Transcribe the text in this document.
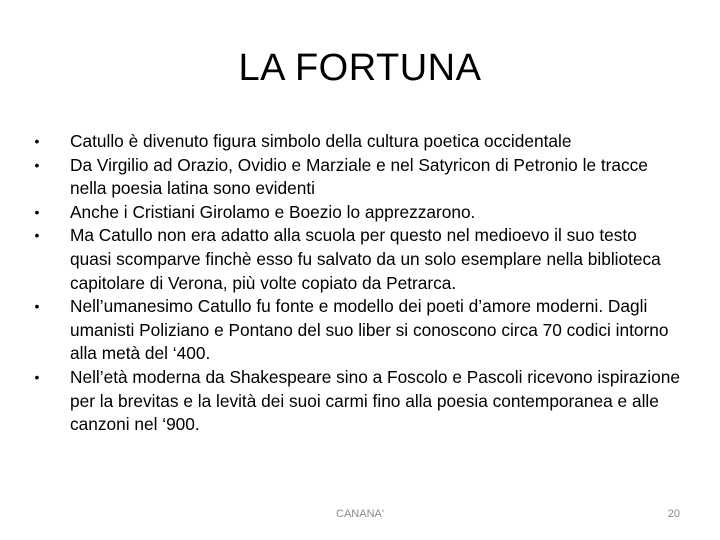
LA FORTUNA
• Catullo è divenuto figura simbolo della cultura poetica occidentale
• Da Virgilio ad Orazio, Ovidio e Marziale e nel Satyricon di Petronio le tracce nella poesia latina sono evidenti
• Anche i Cristiani Girolamo e Boezio lo apprezzarono.
• Ma Catullo non era adatto alla scuola per questo nel medioevo il suo testo quasi scomparve finchè esso fu salvato da un solo esemplare nella biblioteca capitolare di Verona, più volte copiato da Petrarca.
• Nell’umanesimo Catullo fu fonte e modello dei poeti d’amore moderni. Dagli umanisti Poliziano e Pontano del suo liber si conoscono circa 70 codici intorno alla metà del ‘400.
• Nell’età moderna da Shakespeare sino a Foscolo e Pascoli ricevono ispirazione per la brevitas e la levità dei suoi carmi fino alla poesia contemporanea e alle canzoni nel ‘900.
CANANA'	20
